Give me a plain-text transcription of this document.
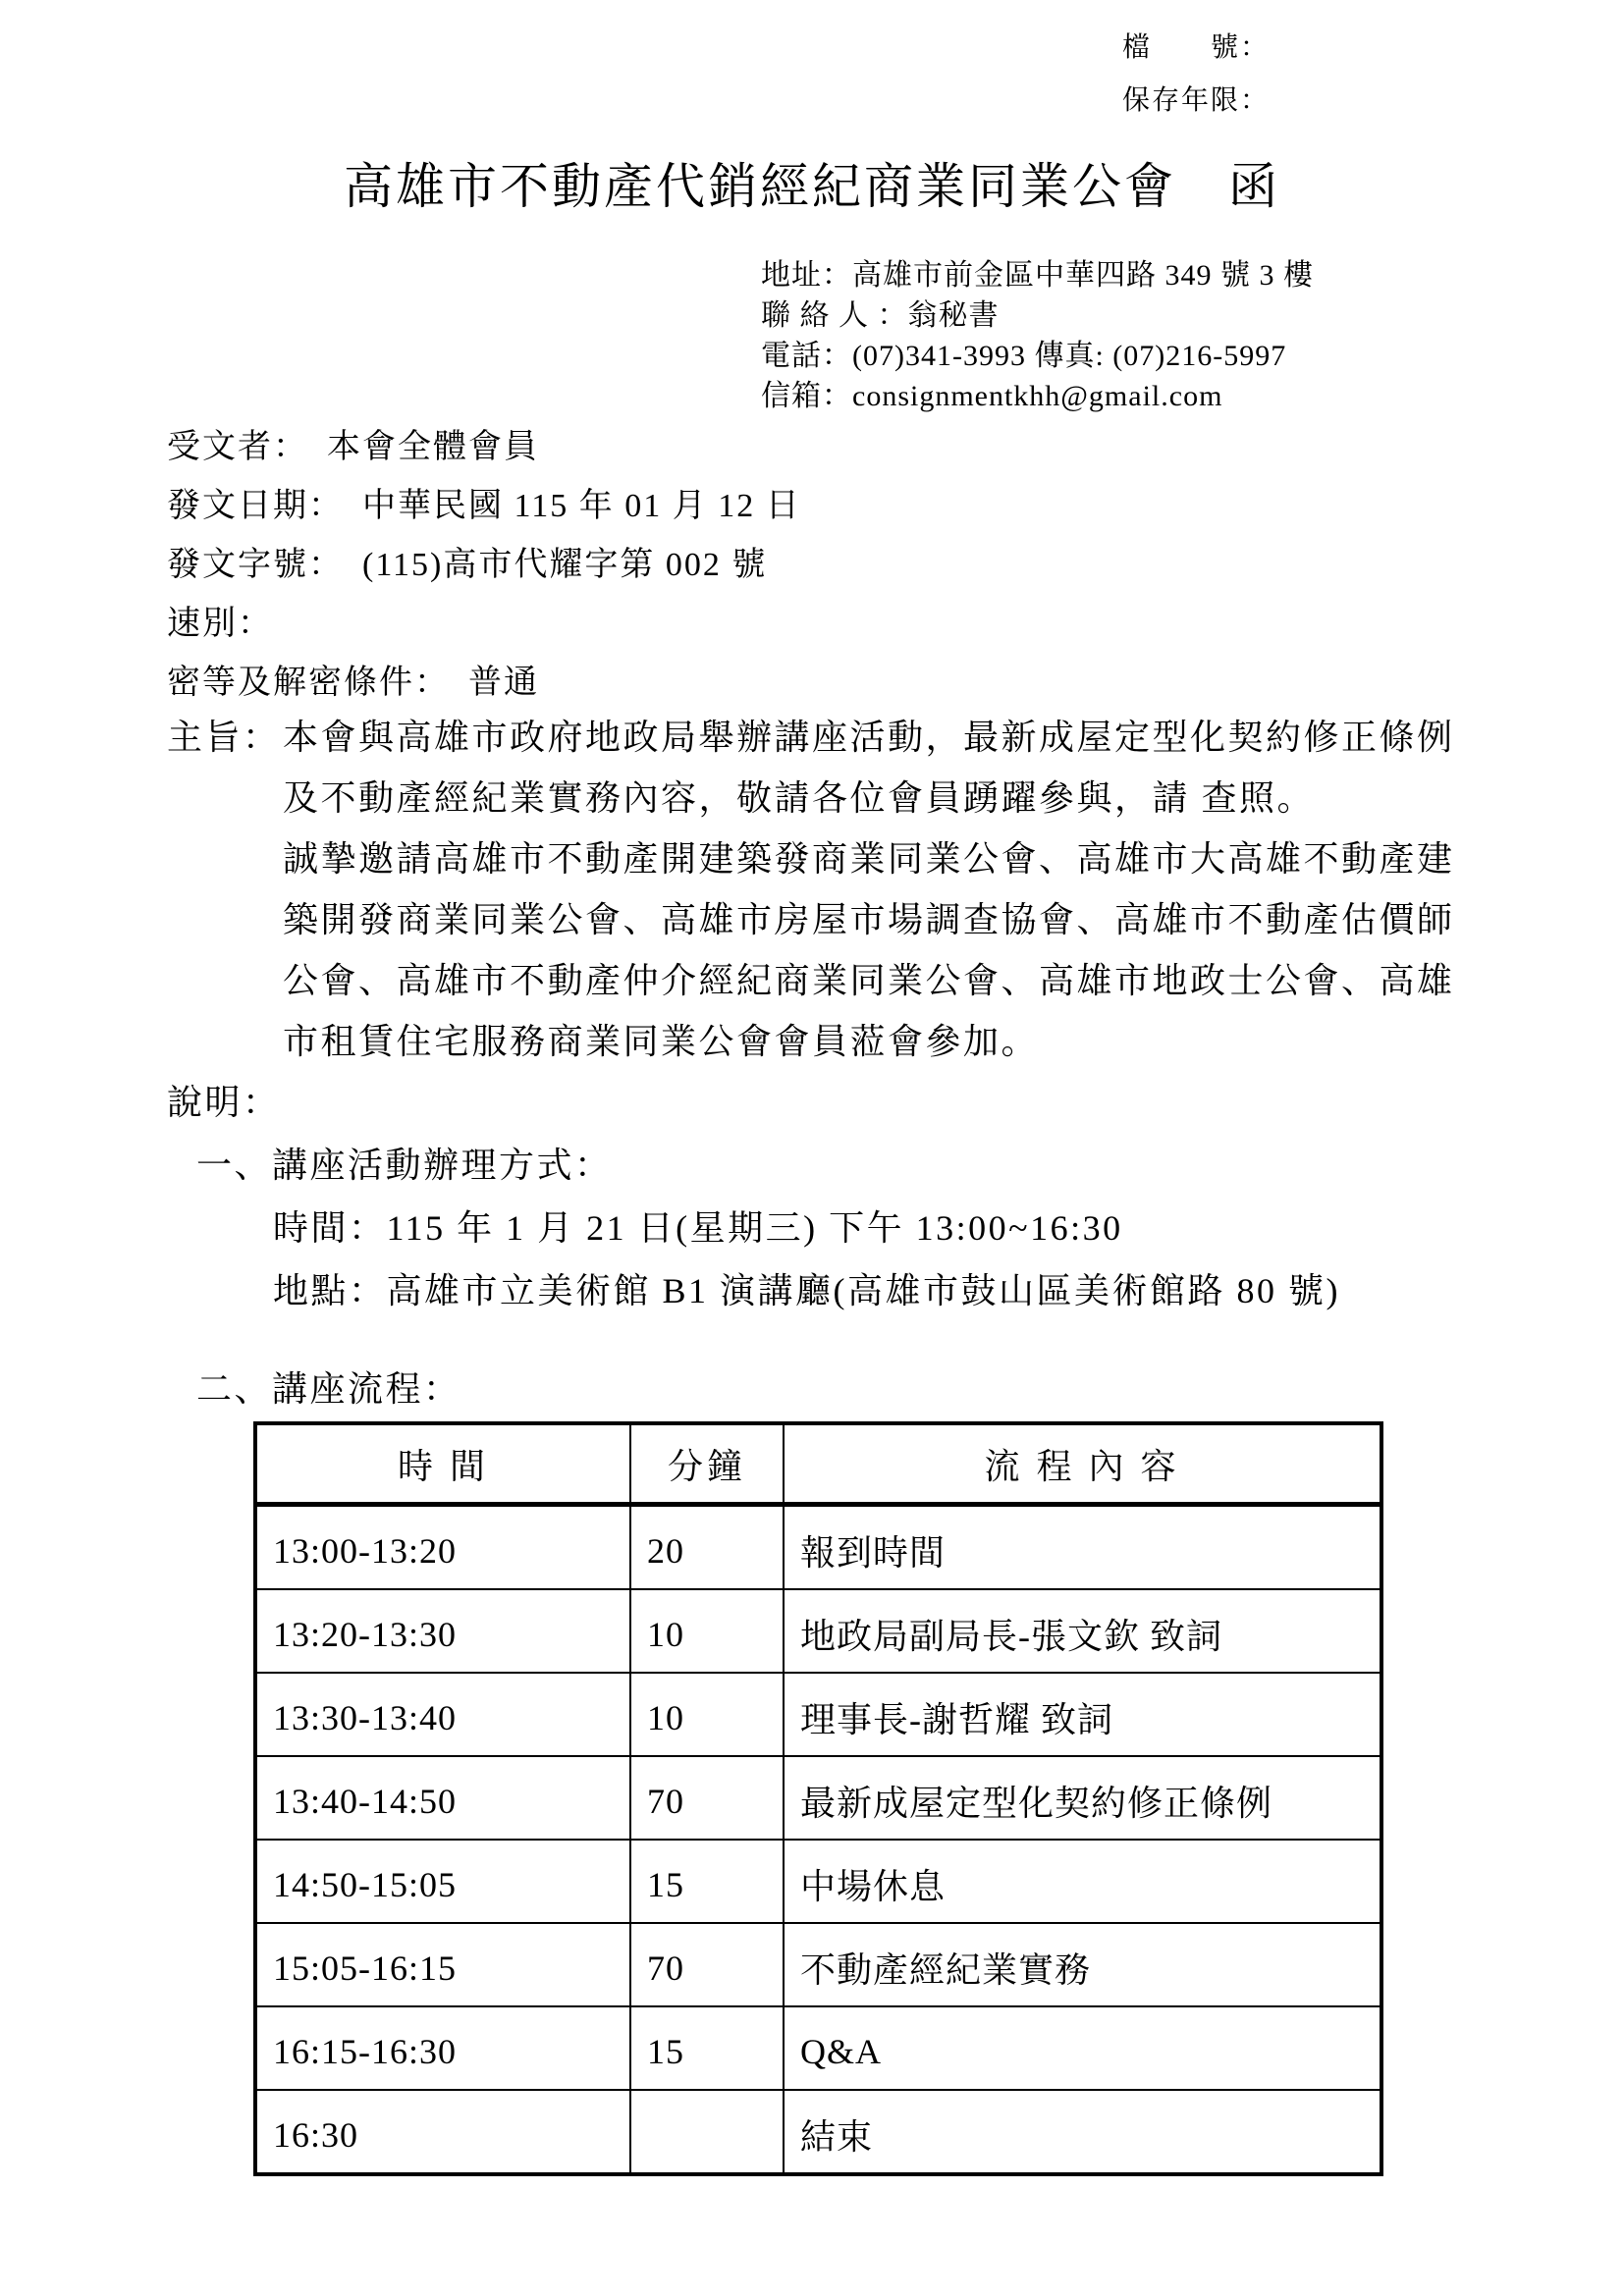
檔　　號：
保存年限：
高雄市不動產代銷經紀商業同業公會　函
地址：高雄市前金區中華四路 349 號 3 樓
聯 絡 人 ：翁秘書
電話：(07)341-3993 傳真: (07)216-5997
信箱：consignmentkhh@gmail.com
受文者：　本會全體會員
發文日期：　中華民國 115 年 01 月 12 日
發文字號：　(115)高市代耀字第 002 號
速別：
密等及解密條件：　普通
主旨： 本會與高雄市政府地政局舉辦講座活動，最新成屋定型化契約修正條例
及不動產經紀業實務內容，敬請各位會員踴躍參與，請 查照。
誠摯邀請高雄市不動產開建築發商業同業公會、高雄市大高雄不動產建
築開發商業同業公會、高雄市房屋市場調查協會、高雄市不動產估價師
公會、高雄市不動產仲介經紀商業同業公會、高雄市地政士公會、高雄
市租賃住宅服務商業同業公會會員蒞會參加。
說明：
一、講座活動辦理方式：
時間：115 年 1 月 21 日(星期三) 下午 13:00~16:30
地點：高雄市立美術館 B1 演講廳(高雄市鼓山區美術館路 80 號)
二、講座流程：
時 間	分鐘	流 程 內 容
13:00-13:20	20	報到時間
13:20-13:30	10	地政局副局長-張文欽 致詞
13:30-13:40	10	理事長-謝哲耀 致詞
13:40-14:50	70	最新成屋定型化契約修正條例
14:50-15:05	15	中場休息
15:05-16:15	70	不動產經紀業實務
16:15-16:30	15	Q&A
16:30		結束
